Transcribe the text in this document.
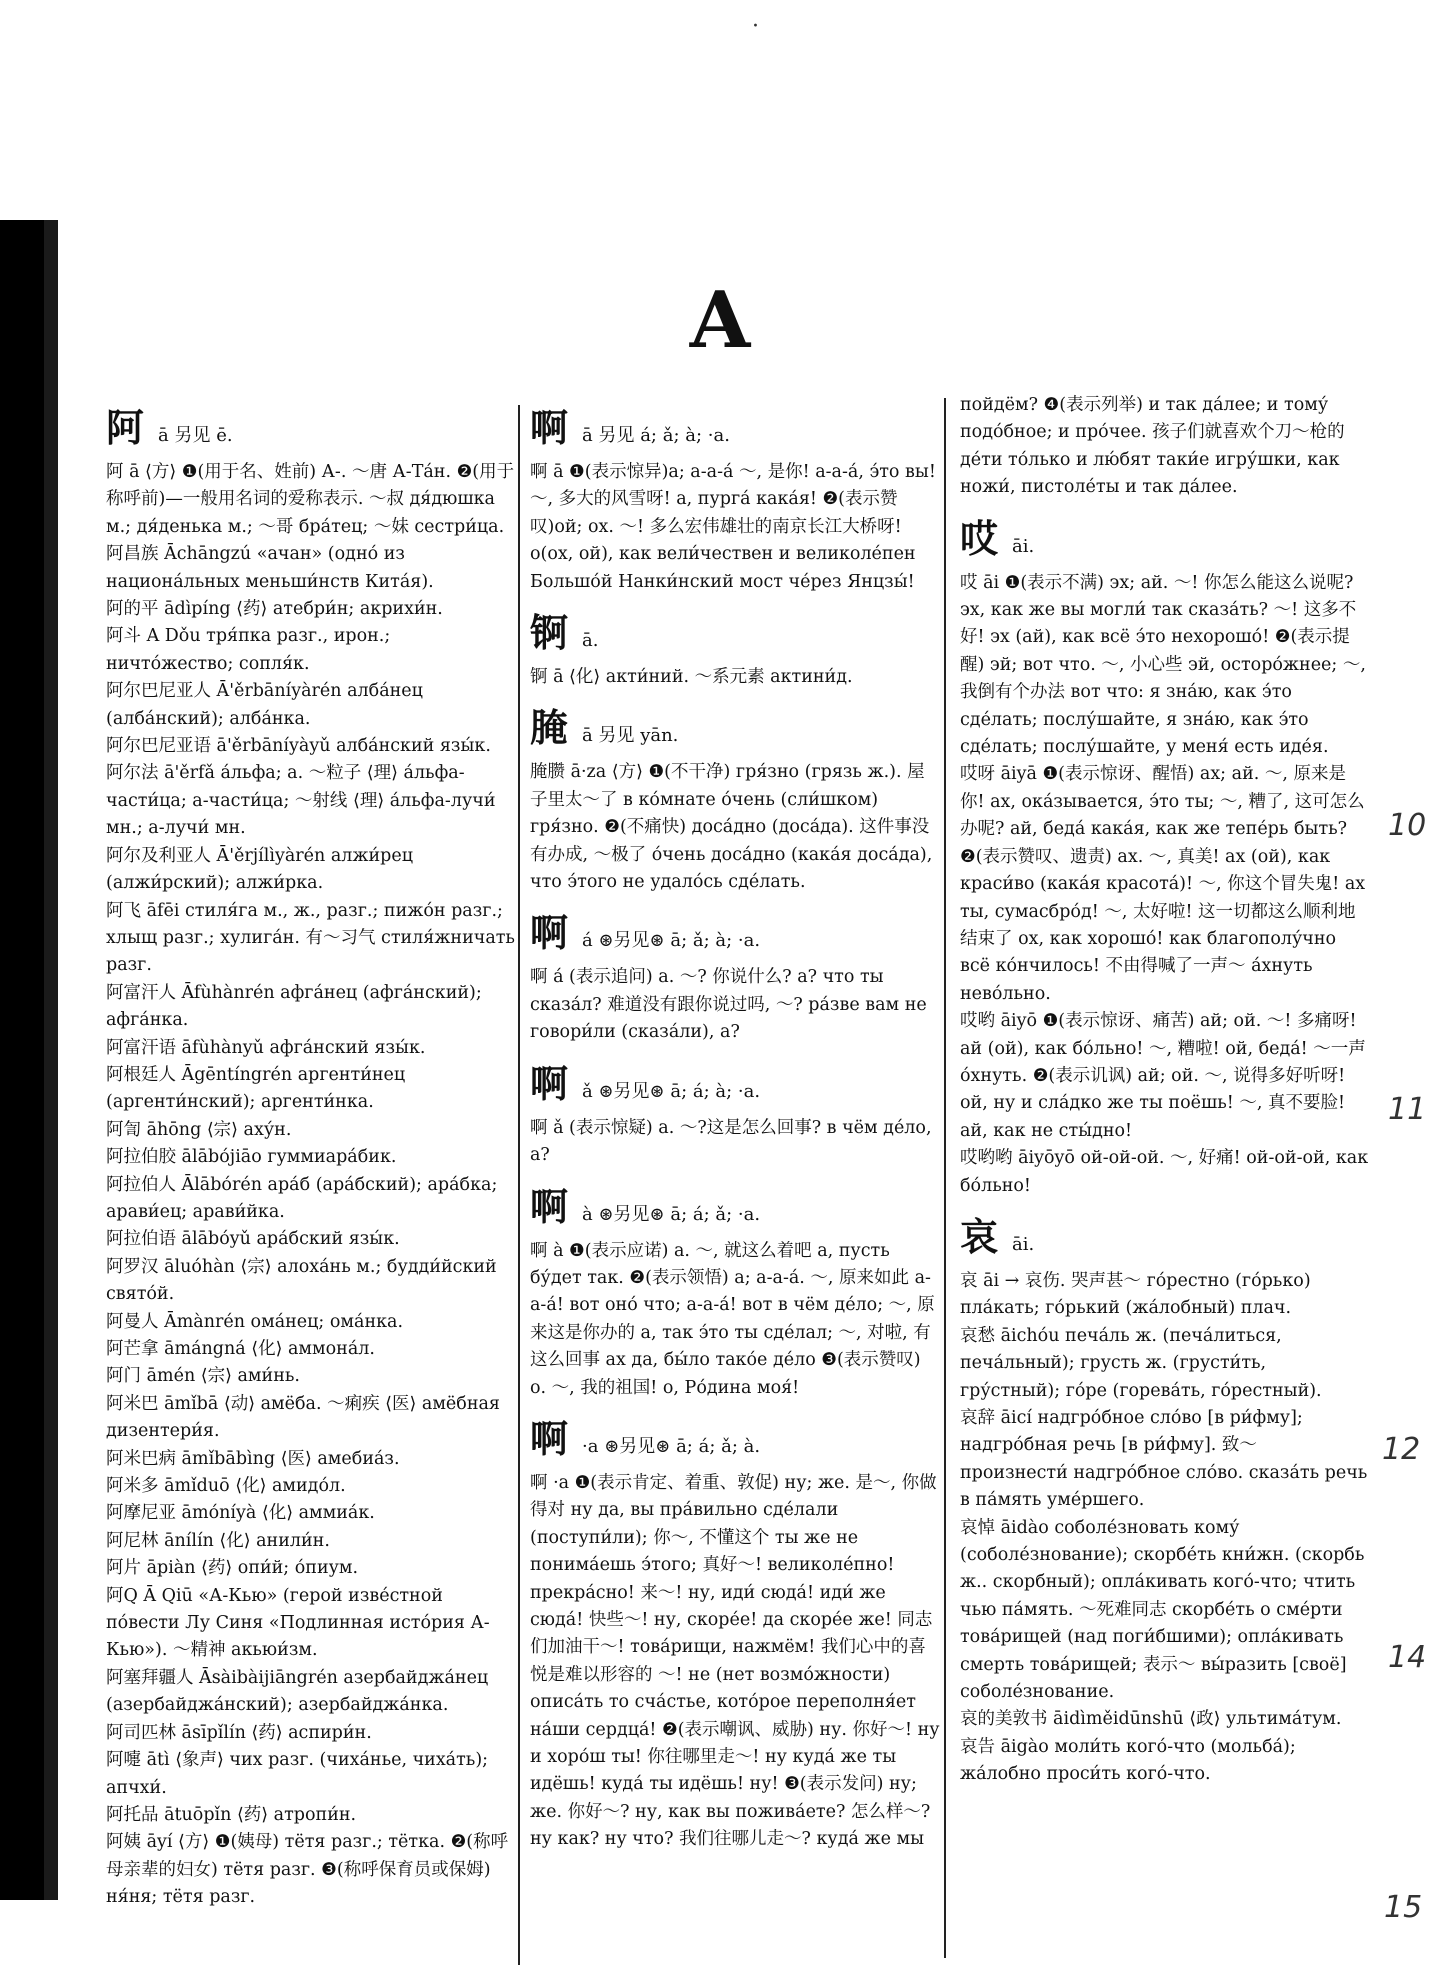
·
A
阿 ā 另见 ē.

阿 ā ⟨方⟩ ❶(用于名、姓前) А-. ～唐 А-Тáн. ❷(用于称呼前)—一般用名词的爱称表示. ～叔 дя́дюшка м.; дя́денька м.; ～哥 бра́тец; ～妹 сестри́ца.

阿昌族 Āchāngzú «ачан» (одно́ из национа́льных меньши́нств Кита́я).

阿的平 ādìpíng ⟨药⟩ атебри́н; акрихи́н.

阿斗 A Dǒu тря́пка разг., ирон.; ничто́жество; сопля́к.

阿尔巴尼亚人 Ā'ěrbāníyàrén алба́нец (алба́нский); алба́нка.

阿尔巴尼亚语 ā'ěrbāníyàyǔ алба́нский язы́к.

阿尔法 ā'ěrfǎ а́льфа; а. ～粒子 ⟨理⟩ а́льфа-части́ца; а-части́ца; ～射线 ⟨理⟩ а́льфа-лучи́ мн.; а-лучи́ мн.

阿尔及利亚人 Ā'ěrjílìyàrén алжи́рец (алжи́рский); алжи́рка.

阿飞 āfēi стиля́га м., ж., разг.; пижо́н разг.; хлыщ разг.; хулига́н. 有～习气 стиля́жничать разг.

阿富汗人 Āfùhànrén афга́нец (афга́нский); афга́нка.

阿富汗语 āfùhànyǔ афга́нский язы́к.

阿根廷人 Āgēntíngrén аргенти́нец (аргенти́нский); аргенти́нка.

阿訇 āhōng ⟨宗⟩ аху́н.

阿拉伯胶 ālābójiāo гуммиара́бик.

阿拉伯人 Ālābórén ара́б (ара́бский); ара́бка; арави́ец; арави́йка.

阿拉伯语 ālābóyǔ ара́бский язы́к.

阿罗汉 āluóhàn ⟨宗⟩ алоха́нь м.; будди́йский свято́й.

阿曼人 Āmànrén ома́нец; ома́нка.

阿芒拿 āmángná ⟨化⟩ аммона́л.

阿门 āmén ⟨宗⟩ ами́нь.

阿米巴 āmǐbā ⟨动⟩ амёба. ～痢疾 ⟨医⟩ амёбная дизентери́я.

阿米巴病 āmǐbābìng ⟨医⟩ амебиа́з.

阿米多 āmǐduō ⟨化⟩ амидо́л.

阿摩尼亚 āmóníyà ⟨化⟩ аммиа́к.

阿尼林 ānílín ⟨化⟩ анили́н.

阿片 āpiàn ⟨药⟩ опи́й; о́пиум.

阿Q Ā Qiū «А-Кью» (герой изве́стной по́вести Лу Синя «Подлинная исто́рия А-Кью»). ～精神 акьюи́зм.

阿塞拜疆人 Āsàibàijiāngrén азербайджа́нец (азербайджа́нский); азербайджа́нка.

阿司匹林 āsīpǐlín ⟨药⟩ аспири́н.

阿嚏 ātì ⟨象声⟩ чих разг. (чиха́нье, чиха́ть); апчхи́.

阿托品 ātuōpǐn ⟨药⟩ атропи́н.

阿姨 āyí ⟨方⟩ ❶(姨母) тётя разг.; тётка. ❷(称呼母亲辈的妇女) тётя разг. ❸(称呼保育员或保姆) ня́ня; тётя разг.

啊 ā 另见 á; ǎ; à; ·a.

啊 ā ❶(表示惊异)а; а-а-á ～, 是你! а-а-á, э́то вы! ～, 多大的风雪呀! а, пурга́ кака́я! ❷(表示赞叹)ой; ох. ～! 多么宏伟雄壮的南京长江大桥呀! о(ох, ой), как вели́чествен и великоле́пен Большо́й Нанки́нский мост че́рез Янцзы́!

锕 ā.

锕 ā ⟨化⟩ акти́ний. ～系元素 актини́д.

腌 ā 另见 yān.

腌臜 ā·za ⟨方⟩ ❶(不干净) гря́зно (грязь ж.). 屋子里太～了 в ко́мнате о́чень (сли́шком) гря́зно. ❷(不痛快) доса́дно (доса́да). 这件事没有办成, ～极了 о́чень доса́дно (кака́я доса́да), что э́того не удало́сь сде́лать.

啊 á ⊛另见⊛ ā; ǎ; à; ·a.

啊 á (表示追问) а. ～? 你说什么? а? что ты сказа́л? 难道没有跟你说过吗, ～? ра́зве вам не говори́ли (сказа́ли), а?

啊 ǎ ⊛另见⊛ ā; á; à; ·a.

啊 ǎ (表示惊疑) а. ～?这是怎么回事? в чём де́ло, а?

啊 à ⊛另见⊛ ā; á; ǎ; ·a.

啊 à ❶(表示应诺) а. ～, 就这么着吧 а, пусть бу́дет так. ❷(表示领悟) а; а-а-á. ～, 原来如此 а-а-á! вот оно́ что; а-а-á! вот в чём де́ло; ～, 原来这是你办的 а, так э́то ты сде́лал; ～, 对啦, 有这么回事 ах да, бы́ло тако́е де́ло ❸(表示赞叹) о. ～, 我的祖国! о, Ро́дина моя́!

啊 ·a ⊛另见⊛ ā; á; ǎ; à.

啊 ·a ❶(表示肯定、着重、敦促) ну; же. 是～, 你做得对 ну да, вы пра́вильно сде́лали (поступи́ли); 你～, 不懂这个 ты же не понима́ешь э́того; 真好～! великоле́пно! прекра́сно! 来～! ну, иди́ сюда́! иди́ же сюда́! 快些～! ну, скоре́е! да скоре́е же! 同志们加油干～! това́рищи, нажмём! 我们心中的喜悦是难以形容的 ～! не (нет возмо́жности) описа́ть то сча́стье, кото́рое переполня́ет на́ши сердца́! ❷(表示嘲讽、威胁) ну. 你好～! ну и хоро́ш ты! 你往哪里走～! ну куда́ же ты идёшь! куда́ ты идёшь! ну! ❸(表示发问) ну; же. 你好～? ну, как вы пожива́ете? 怎么样～? ну как? ну что? 我们往哪儿走～? куда́ же мы

пойдём? ❹(表示列举) и так да́лее; и тому́ подо́бное; и про́чее. 孩子们就喜欢个刀～枪的 де́ти то́лько и лю́бят таки́е игру́шки, как ножи́, пистоле́ты и так да́лее.

哎 āi.

哎 āi ❶(表示不满) эх; ай. ～! 你怎么能这么说呢? эх, как же вы могли́ так сказа́ть? ～! 这多不好! эх (ай), как всё э́то нехорошо́! ❷(表示提醒) эй; вот что. ～, 小心些 эй, осторо́жнее; ～, 我倒有个办法 вот что: я зна́ю, как э́то сде́лать; послу́шайте, я зна́ю, как э́то сде́лать; послу́шайте, у меня́ есть иде́я.

哎呀 āiyā ❶(表示惊讶、醒悟) ах; ай. ～, 原来是你! ах, ока́зывается, э́то ты; ～, 糟了, 这可怎么办呢? ай, беда́ кака́я, как же тепе́рь быть? ❷(表示赞叹、遗责) ах. ～, 真美! ах (ой), как краси́во (кака́я красота́)! ～, 你这个冒失鬼! ах ты, сумасбро́д! ～, 太好啦! 这一切都这么顺利地结束了 ох, как хорошо́! как благополу́чно всё ко́нчилось! 不由得喊了一声～ а́хнуть нево́льно.

哎哟 āiyō ❶(表示惊讶、痛苦) ай; ой. ～! 多痛呀! ай (ой), как бо́льно! ～, 糟啦! ой, беда́! ～一声 о́хнуть. ❷(表示讥讽) ай; ой. ～, 说得多好听呀! ой, ну и сла́дко же ты поёшь! ～, 真不要脸! ай, как не сты́дно!

哎哟哟 āiyōyō ой-ой-ой. ～, 好痛! ой-ой-ой, как бо́льно!

哀 āi.

哀 āi → 哀伤. 哭声甚～ го́рестно (го́рько) пла́кать; го́рький (жа́лобный) плач.

哀愁 āichóu печа́ль ж. (печа́литься, печа́льный); грусть ж. (грусти́ть, гру́стный); го́ре (горева́ть, го́рестный).

哀辞 āicí надгро́бное сло́во [в ри́фму]; надгро́бная речь [в ри́фму]. 致～ произнести́ надгро́бное сло́во. сказа́ть речь в па́мять уме́ршего.

哀悼 āidào соболе́зновать кому́ (соболе́знование); скорбе́ть кни́жн. (скорбь ж.. скорбный); опла́кивать кого́-что; чтить чью па́мять. ～死难同志 скорбе́ть о сме́рти това́рищей (над поги́бшими); опла́кивать смерть това́рищей; 表示～ вы́разить [своё] соболе́знование.

哀的美敦书 āidìměidūnshū ⟨政⟩ ультима́тум.

哀告 āigào моли́ть кого́-что (мольба́); жа́лобно проси́ть кого́-что.

10
11
12
14
15
